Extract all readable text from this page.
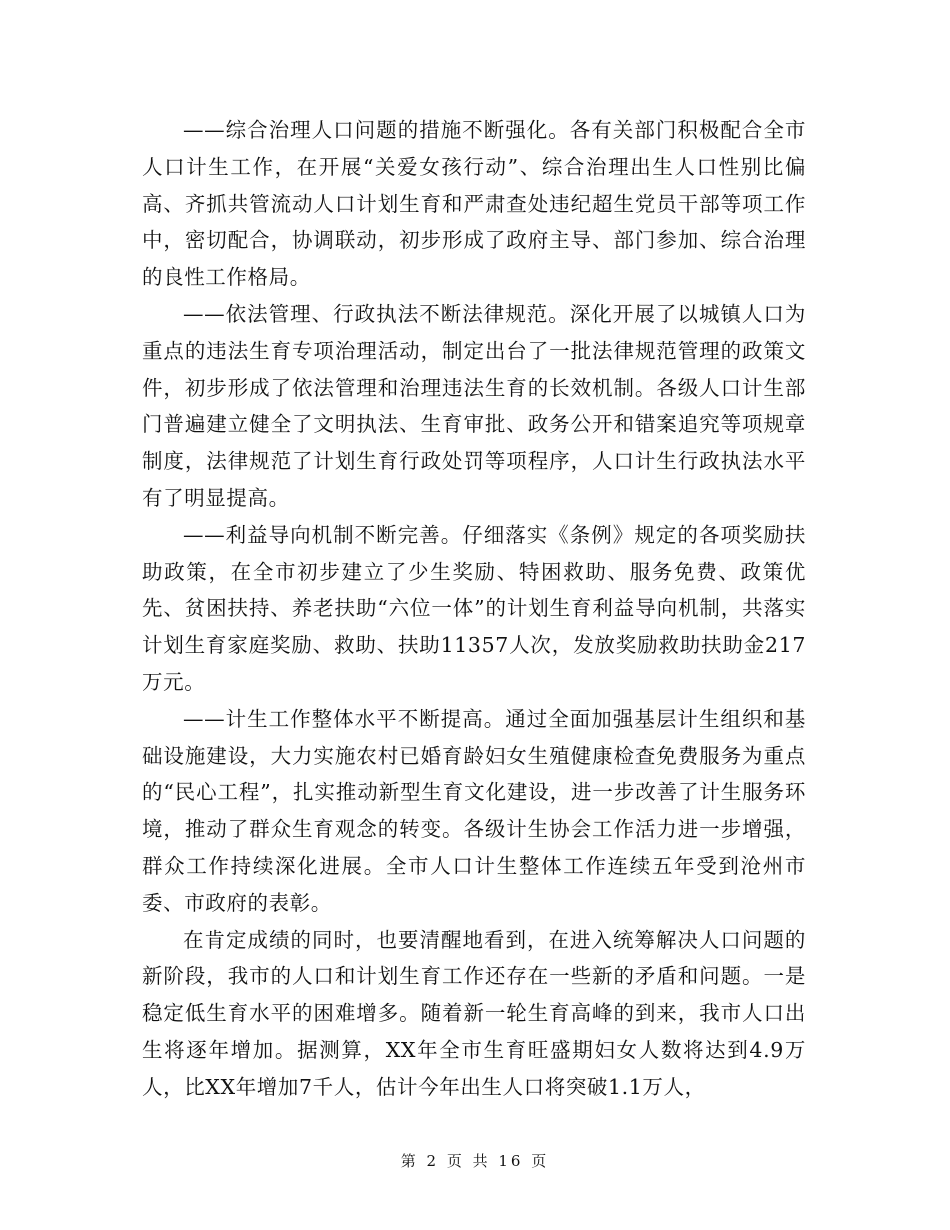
——综合治理人口问题的措施不断强化。各有关部门积极配合全市人口计生工作，在开展“关爱女孩行动”、综合治理出生人口性别比偏高、齐抓共管流动人口计划生育和严肃查处违纪超生党员干部等项工作中，密切配合，协调联动，初步形成了政府主导、部门参加、综合治理的良性工作格局。

——依法管理、行政执法不断法律规范。深化开展了以城镇人口为重点的违法生育专项治理活动，制定出台了一批法律规范管理的政策文件，初步形成了依法管理和治理违法生育的长效机制。各级人口计生部门普遍建立健全了文明执法、生育审批、政务公开和错案追究等项规章制度，法律规范了计划生育行政处罚等项程序，人口计生行政执法水平有了明显提高。

——利益导向机制不断完善。仔细落实《条例》规定的各项奖励扶助政策，在全市初步建立了少生奖励、特困救助、服务免费、政策优先、贫困扶持、养老扶助“六位一体”的计划生育利益导向机制，共落实计划生育家庭奖励、救助、扶助11357人次，发放奖励救助扶助金217万元。

——计生工作整体水平不断提高。通过全面加强基层计生组织和基础设施建设，大力实施农村已婚育龄妇女生殖健康检查免费服务为重点的“民心工程”，扎实推动新型生育文化建设，进一步改善了计生服务环境，推动了群众生育观念的转变。各级计生协会工作活力进一步增强，群众工作持续深化进展。全市人口计生整体工作连续五年受到沧州市委、市政府的表彰。

在肯定成绩的同时，也要清醒地看到，在进入统筹解决人口问题的新阶段，我市的人口和计划生育工作还存在一些新的矛盾和问题。一是稳定低生育水平的困难增多。随着新一轮生育高峰的到来，我市人口出生将逐年增加。据测算，XX年全市生育旺盛期妇女人数将达到4.9万人，比XX年增加7千人，估计今年出生人口将突破1.1万人，

第 2 页 共 16 页
